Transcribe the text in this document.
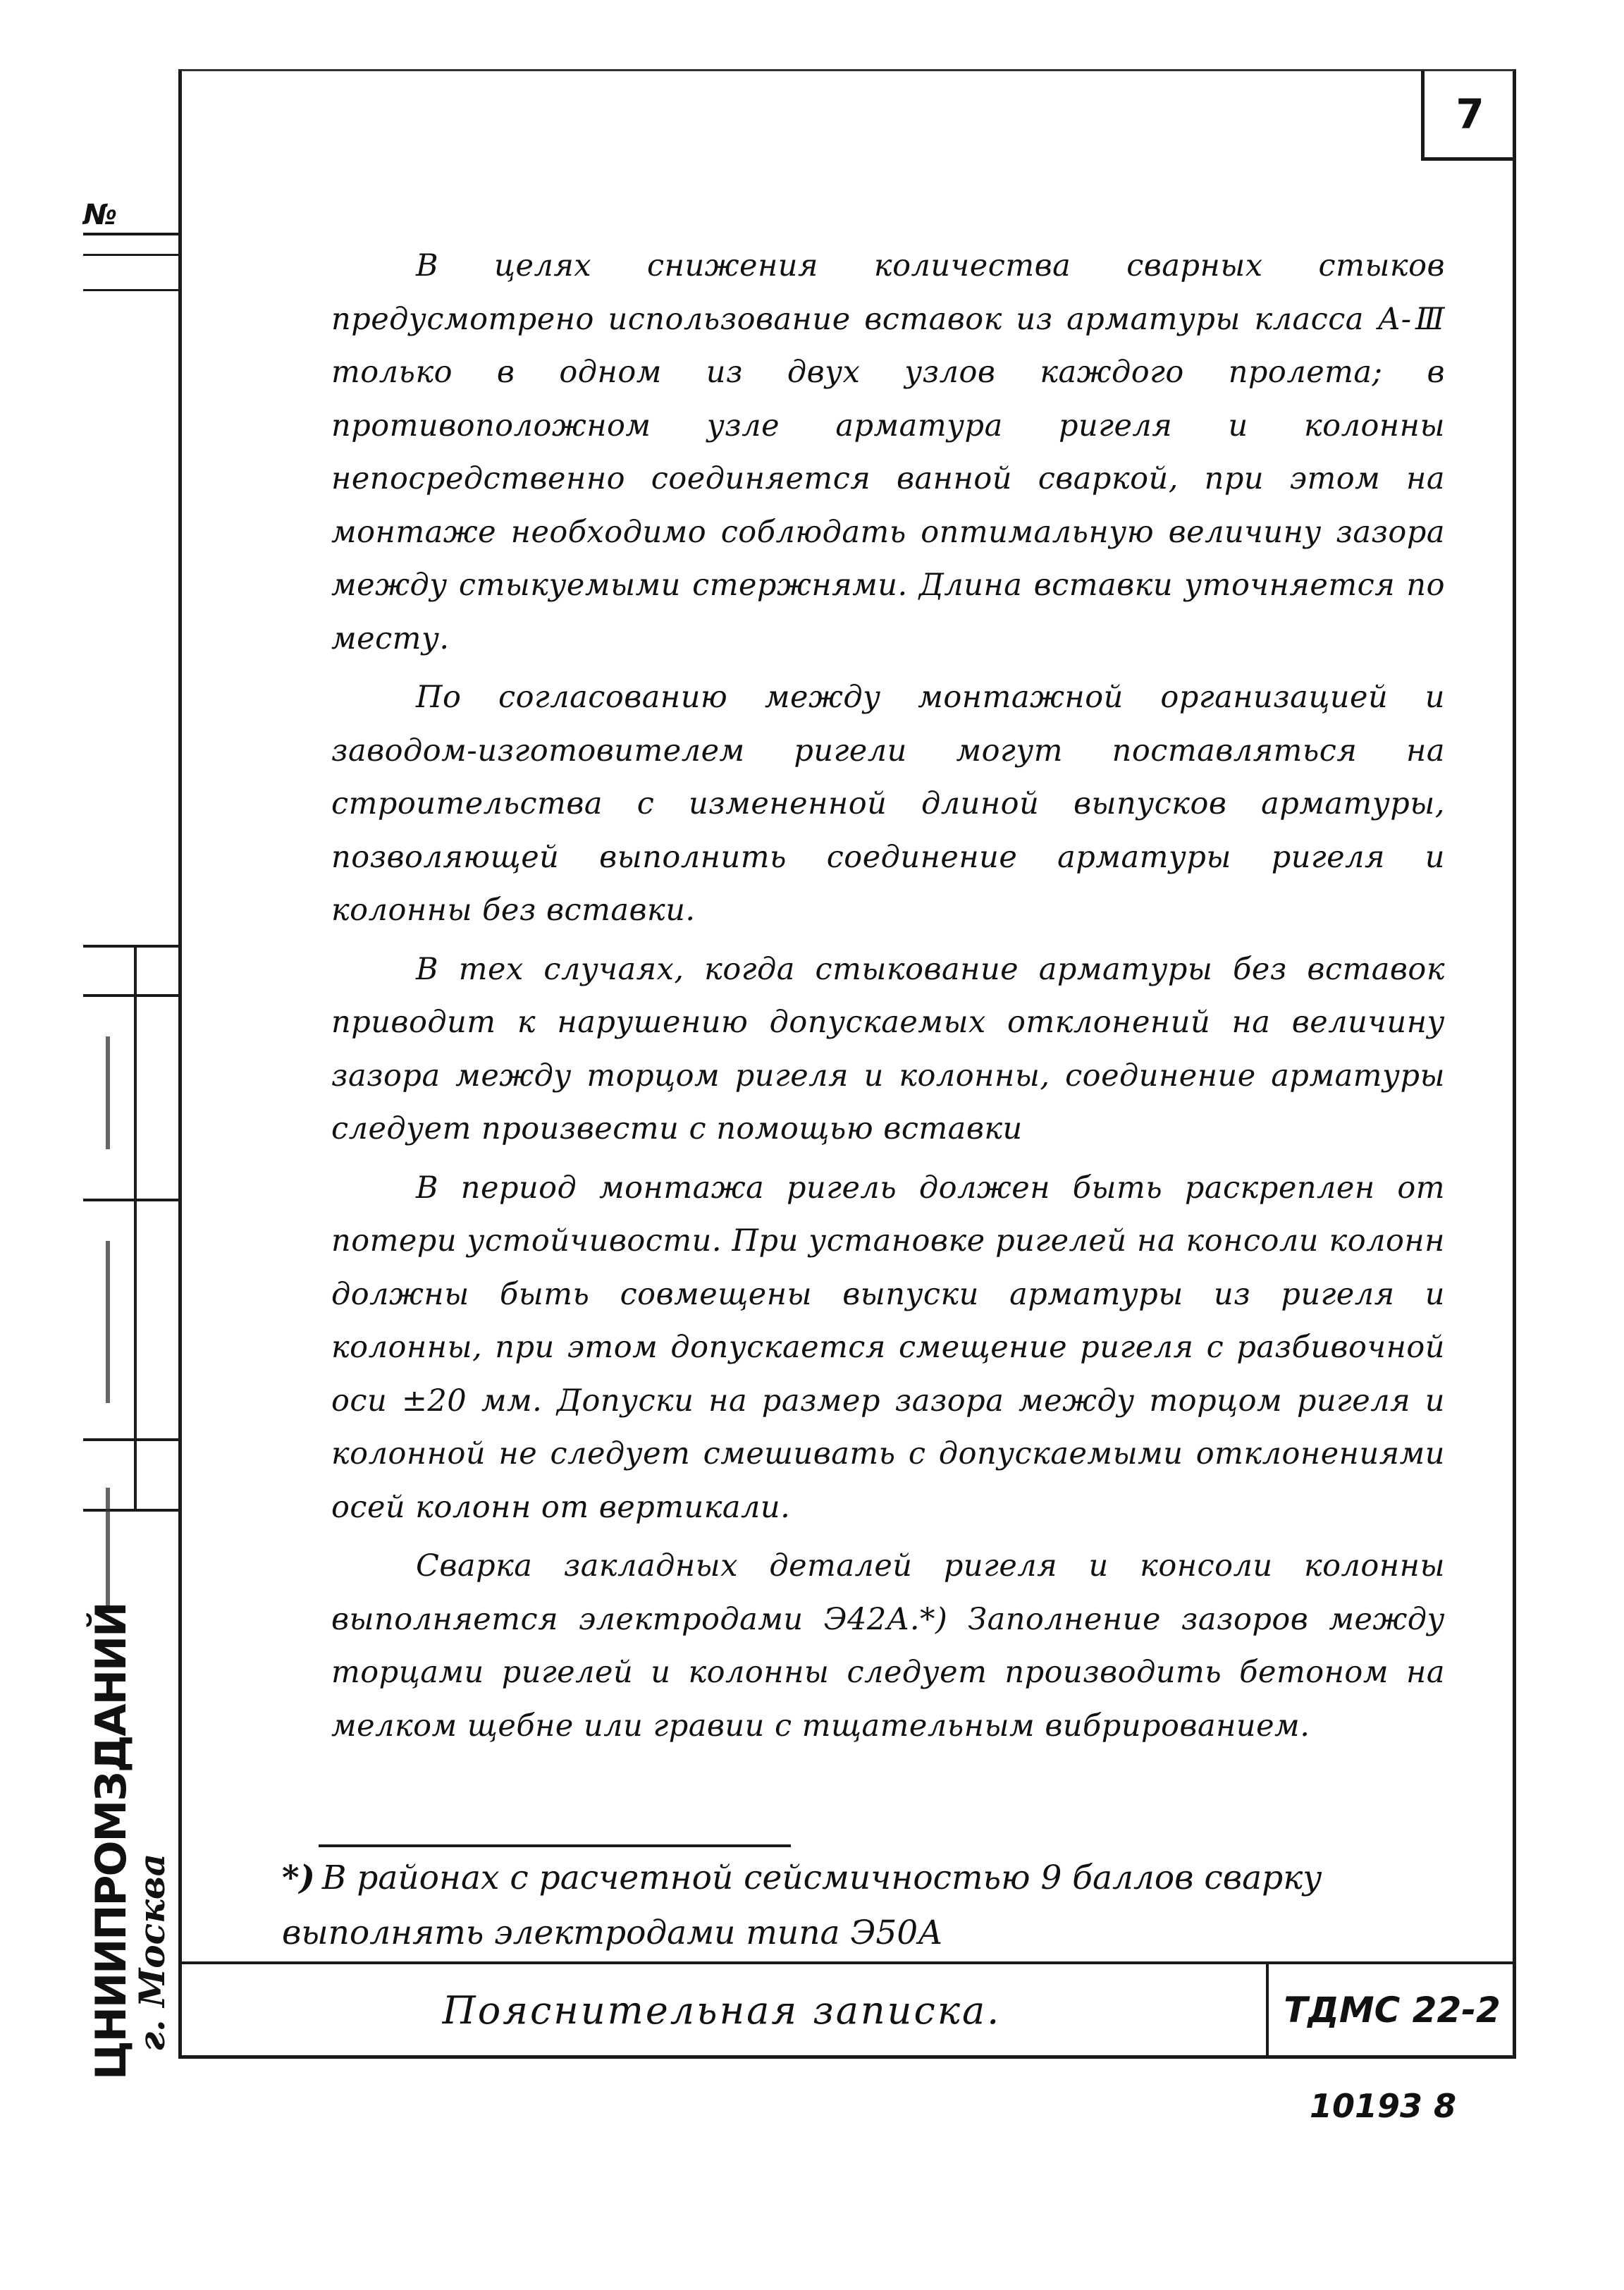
7
№
ЦНИИПРОМЗДАНИЙ
г. Москва

В целях снижения количества сварных стыков предусмотрено использование вставок из арматуры класса А-Ⅲ только в одном из двух узлов каждого пролета; в противоположном узле арматура ригеля и колонны непосредственно соединяется ванной сваркой, при этом на монтаже необходимо соблюдать оптимальную величину зазора между стыкуемыми стержнями. Длина вставки уточняется по месту.

По согласованию между монтажной организацией и заводом-изготовителем ригели могут поставляться на строительства с измененной длиной выпусков арматуры, позволяющей выполнить соединение арматуры ригеля и колонны без вставки.

В тех случаях, когда стыкование арматуры без вставок приводит к нарушению допускаемых отклонений на величину зазора между торцом ригеля и колонны, соединение арматуры следует произвести с помощью вставки

В период монтажа ригель должен быть раскреплен от потери устойчивости. При установке ригелей на консоли колонн должны быть совмещены выпуски арматуры из ригеля и колонны, при этом допускается смещение ригеля с разбивочной оси ±20 мм. Допуски на размер зазора между торцом ригеля и колонной не следует смешивать с допускаемыми отклонениями осей колонн от вертикали.

Сварка закладных деталей ригеля и консоли колонны выполняется электродами Э42А.*) Заполнение зазоров между торцами ригелей и колонны следует производить бетоном на мелком щебне или гравии с тщательным вибрированием.

*) В районах с расчетной сейсмичностью 9 баллов сварку выполнять электродами типа Э50А
Пояснительная записка.	ТДМС 22-2
10193 8
